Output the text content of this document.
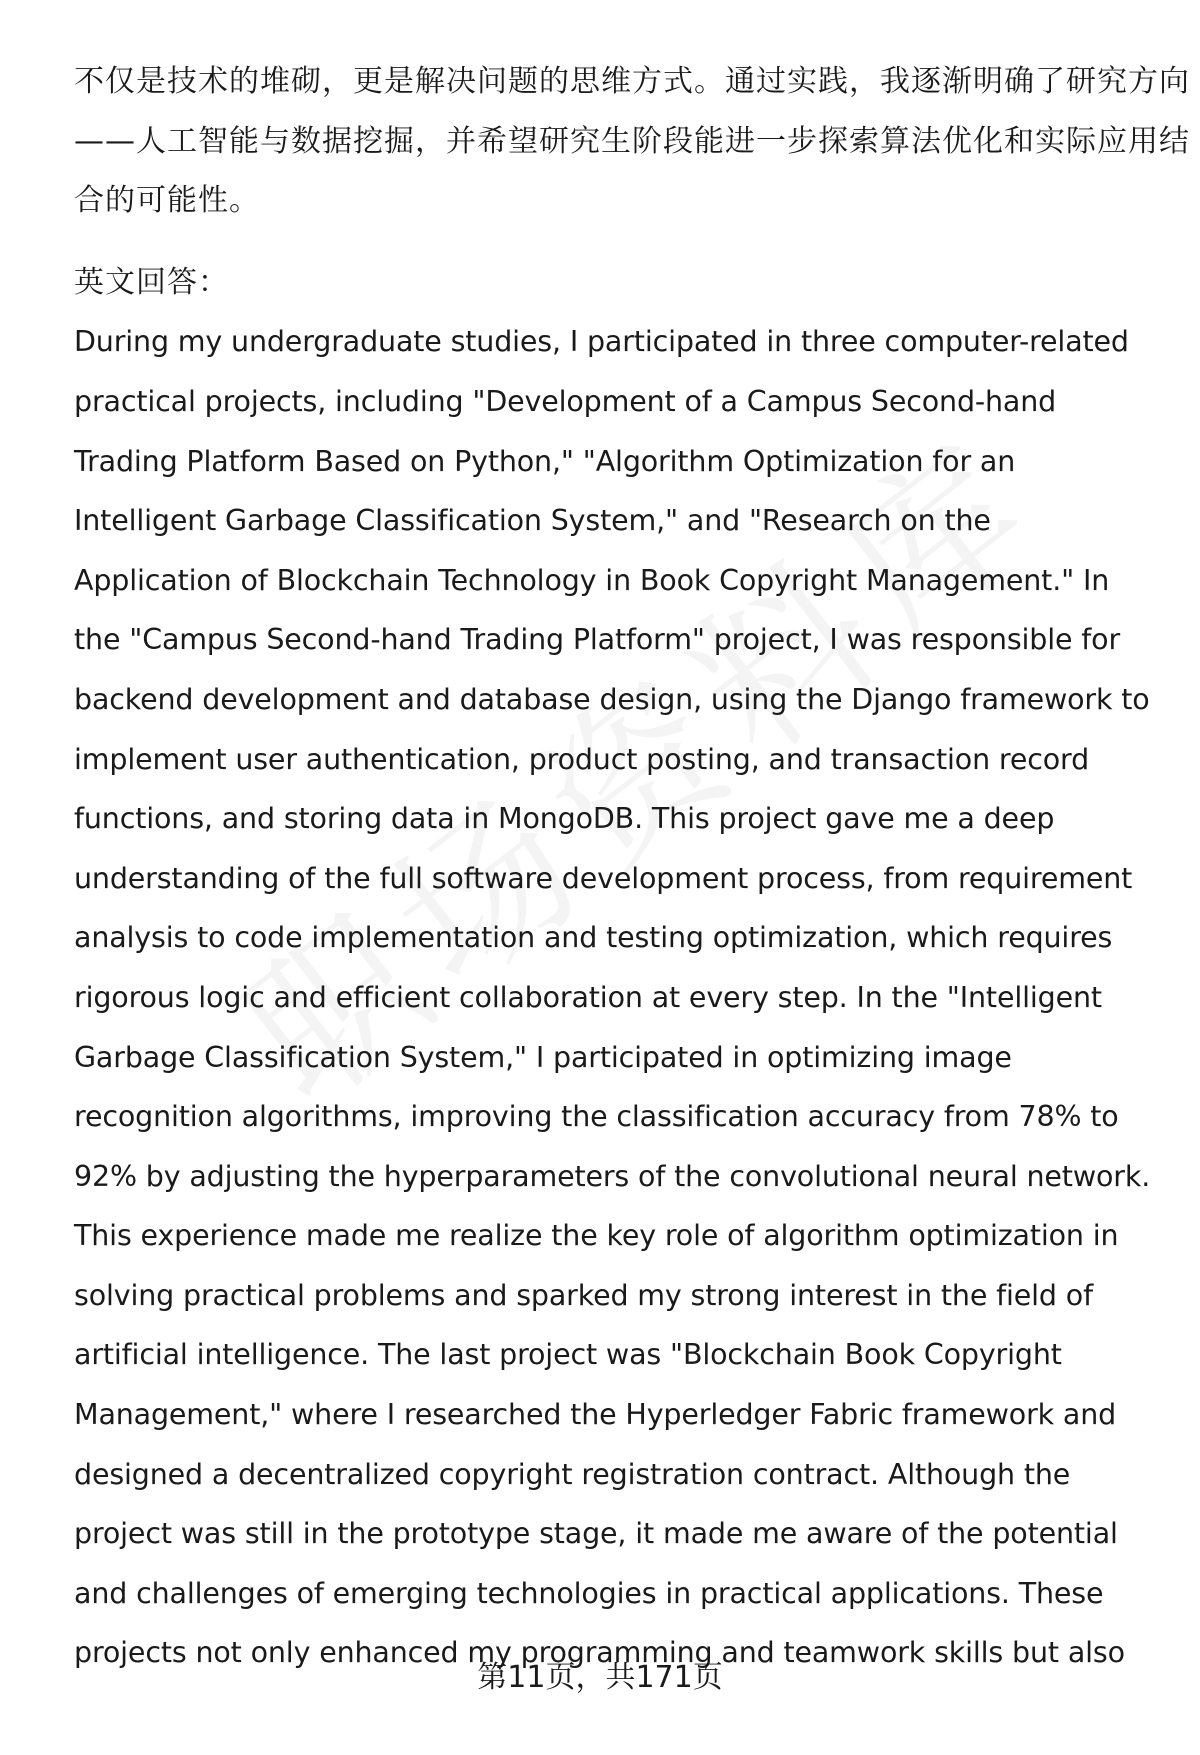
不仅是技术的堆砌，更是解决问题的思维方式。通过实践，我逐渐明确了研究方向
——人工智能与数据挖掘，并希望研究生阶段能进一步探索算法优化和实际应用结
合的可能性。
英文回答：
During my undergraduate studies, I participated in three computer-related
practical projects, including "Development of a Campus Second-hand
Trading Platform Based on Python," "Algorithm Optimization for an
Intelligent Garbage Classification System," and "Research on the
Application of Blockchain Technology in Book Copyright Management." In
the "Campus Second-hand Trading Platform" project, I was responsible for
backend development and database design, using the Django framework to
implement user authentication, product posting, and transaction record
functions, and storing data in MongoDB. This project gave me a deep
understanding of the full software development process, from requirement
analysis to code implementation and testing optimization, which requires
rigorous logic and efficient collaboration at every step. In the "Intelligent
Garbage Classification System," I participated in optimizing image
recognition algorithms, improving the classification accuracy from 78% to
92% by adjusting the hyperparameters of the convolutional neural network.
This experience made me realize the key role of algorithm optimization in
solving practical problems and sparked my strong interest in the field of
artificial intelligence. The last project was "Blockchain Book Copyright
Management," where I researched the Hyperledger Fabric framework and
designed a decentralized copyright registration contract. Although the
project was still in the prototype stage, it made me aware of the potential
and challenges of emerging technologies in practical applications. These
projects not only enhanced my programming and teamwork skills but also
第11页，共171页
